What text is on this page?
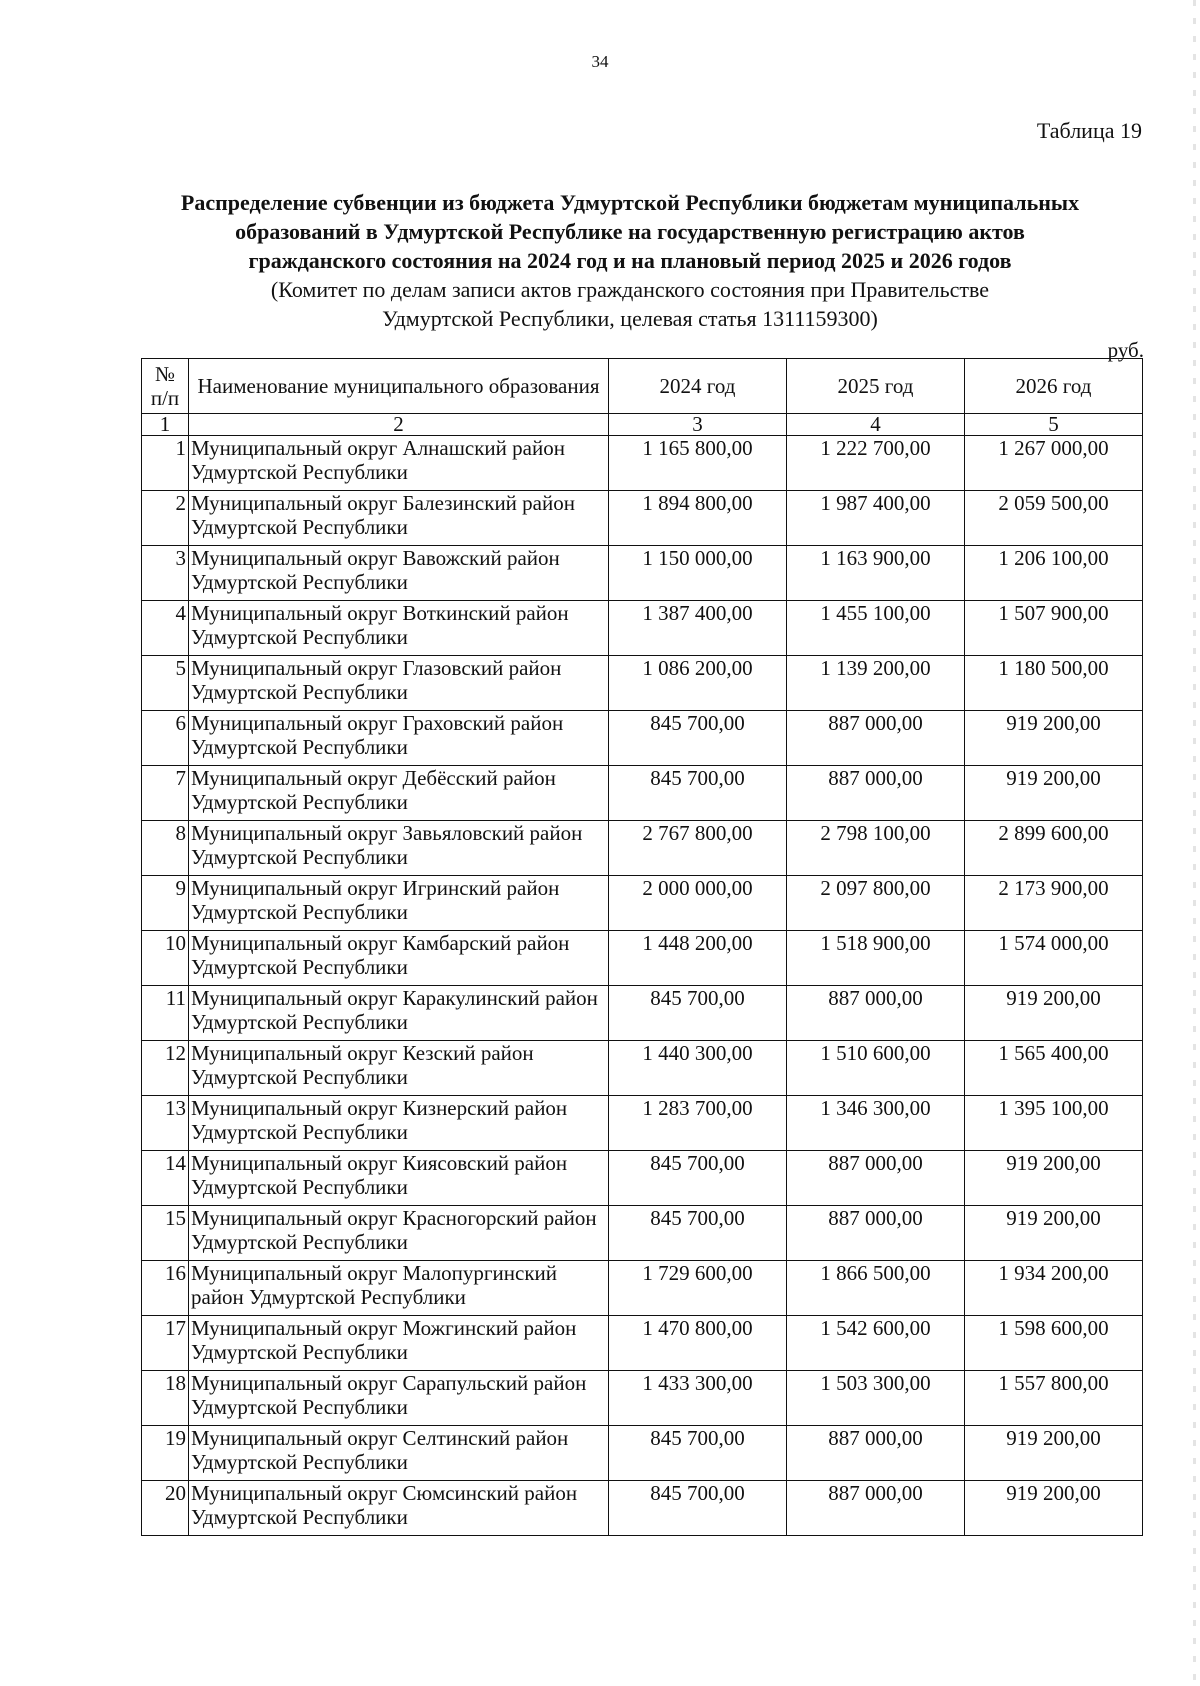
34
Таблица 19
Распределение субвенции из бюджета Удмуртской Республики бюджетам муниципальных
образований в Удмуртской Республике на государственную регистрацию актов
гражданского состояния на 2024 год и на плановый период 2025 и 2026 годов
(Комитет по делам записи актов гражданского состояния при Правительстве
Удмуртской Республики, целевая статья 1311159300)
руб.
№ п/п	Наименование муниципального образования	2024 год	2025 год	2026 год
1	2	3	4	5
1	Муниципальный округ Алнашский район Удмуртской Республики	1 165 800,00	1 222 700,00	1 267 000,00
2	Муниципальный округ Балезинский район Удмуртской Республики	1 894 800,00	1 987 400,00	2 059 500,00
3	Муниципальный округ Вавожский район Удмуртской Республики	1 150 000,00	1 163 900,00	1 206 100,00
4	Муниципальный округ Воткинский район Удмуртской Республики	1 387 400,00	1 455 100,00	1 507 900,00
5	Муниципальный округ Глазовский район Удмуртской Республики	1 086 200,00	1 139 200,00	1 180 500,00
6	Муниципальный округ Граховский район Удмуртской Республики	845 700,00	887 000,00	919 200,00
7	Муниципальный округ Дебёсский район Удмуртской Республики	845 700,00	887 000,00	919 200,00
8	Муниципальный округ Завьяловский район Удмуртской Республики	2 767 800,00	2 798 100,00	2 899 600,00
9	Муниципальный округ Игринский район Удмуртской Республики	2 000 000,00	2 097 800,00	2 173 900,00
10	Муниципальный округ Камбарский район Удмуртской Республики	1 448 200,00	1 518 900,00	1 574 000,00
11	Муниципальный округ Каракулинский район Удмуртской Республики	845 700,00	887 000,00	919 200,00
12	Муниципальный округ Кезский район Удмуртской Республики	1 440 300,00	1 510 600,00	1 565 400,00
13	Муниципальный округ Кизнерский район Удмуртской Республики	1 283 700,00	1 346 300,00	1 395 100,00
14	Муниципальный округ Киясовский район Удмуртской Республики	845 700,00	887 000,00	919 200,00
15	Муниципальный округ Красногорский район Удмуртской Республики	845 700,00	887 000,00	919 200,00
16	Муниципальный округ Малопургинский район Удмуртской Республики	1 729 600,00	1 866 500,00	1 934 200,00
17	Муниципальный округ Можгинский район Удмуртской Республики	1 470 800,00	1 542 600,00	1 598 600,00
18	Муниципальный округ Сарапульский район Удмуртской Республики	1 433 300,00	1 503 300,00	1 557 800,00
19	Муниципальный округ Селтинский район Удмуртской Республики	845 700,00	887 000,00	919 200,00
20	Муниципальный округ Сюмсинский район Удмуртской Республики	845 700,00	887 000,00	919 200,00
